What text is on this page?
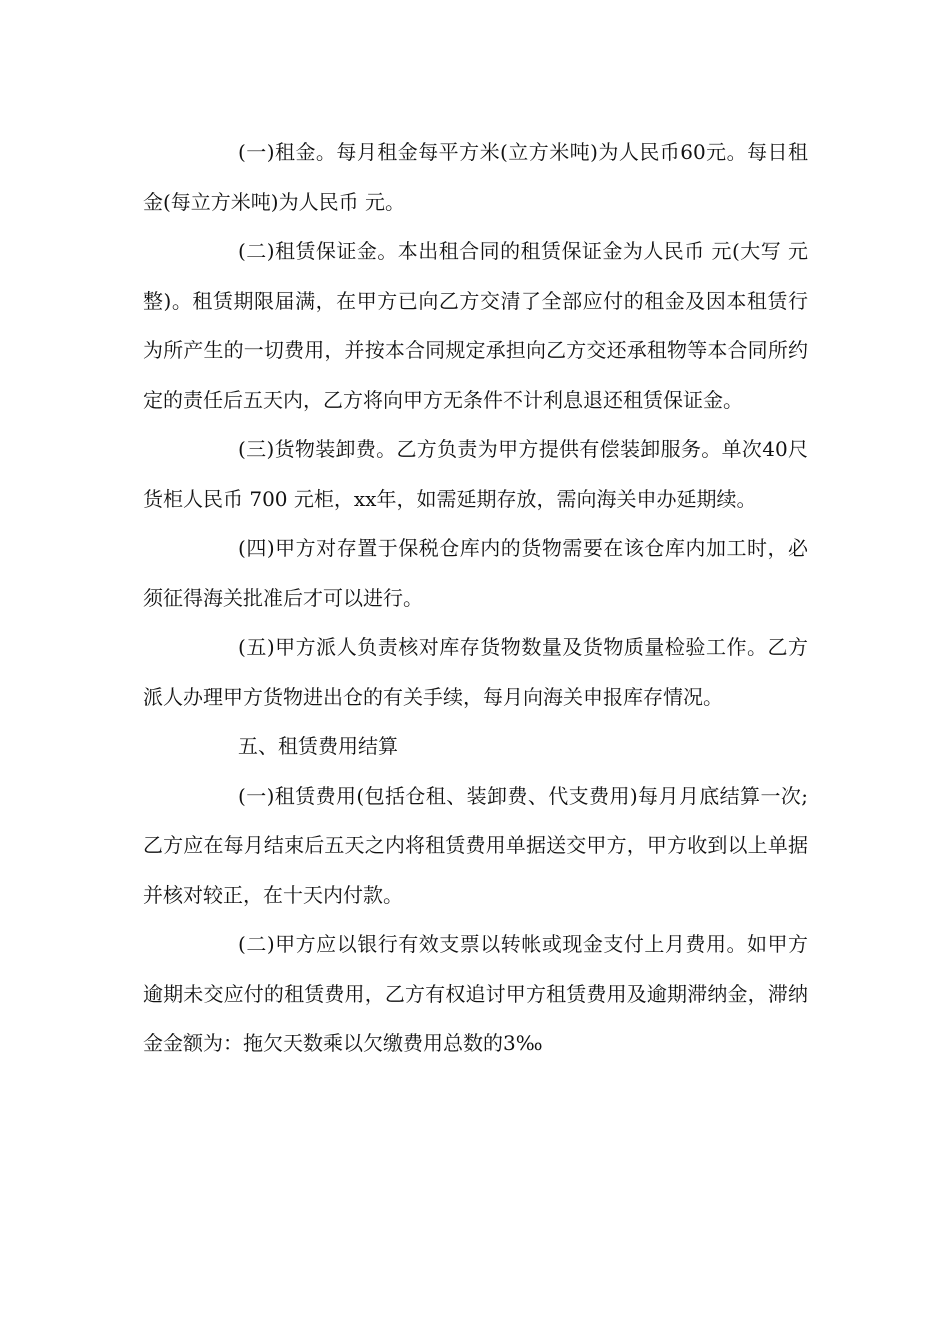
(一)租金。每月租金每平方米(立方米吨)为人民币60元。每日租金(每立方米吨)为人民币 元。

(二)租赁保证金。本出租合同的租赁保证金为人民币 元(大写 元整)。租赁期限届满，在甲方已向乙方交清了全部应付的租金及因本租赁行为所产生的一切费用，并按本合同规定承担向乙方交还承租物等本合同所约定的责任后五天内，乙方将向甲方无条件不计利息退还租赁保证金。

(三)货物装卸费。乙方负责为甲方提供有偿装卸服务。单次40尺货柜人民币 700 元柜，xx年，如需延期存放，需向海关申办延期续。

(四)甲方对存置于保税仓库内的货物需要在该仓库内加工时，必须征得海关批准后才可以进行。

(五)甲方派人负责核对库存货物数量及货物质量检验工作。乙方派人办理甲方货物进出仓的有关手续，每月向海关申报库存情况。

五、租赁费用结算

(一)租赁费用(包括仓租、装卸费、代支费用)每月月底结算一次;乙方应在每月结束后五天之内将租赁费用单据送交甲方，甲方收到以上单据并核对较正，在十天内付款。

(二)甲方应以银行有效支票以转帐或现金支付上月费用。如甲方逾期未交应付的租赁费用，乙方有权追讨甲方租赁费用及逾期滞纳金，滞纳金金额为：拖欠天数乘以欠缴费用总数的3‰
